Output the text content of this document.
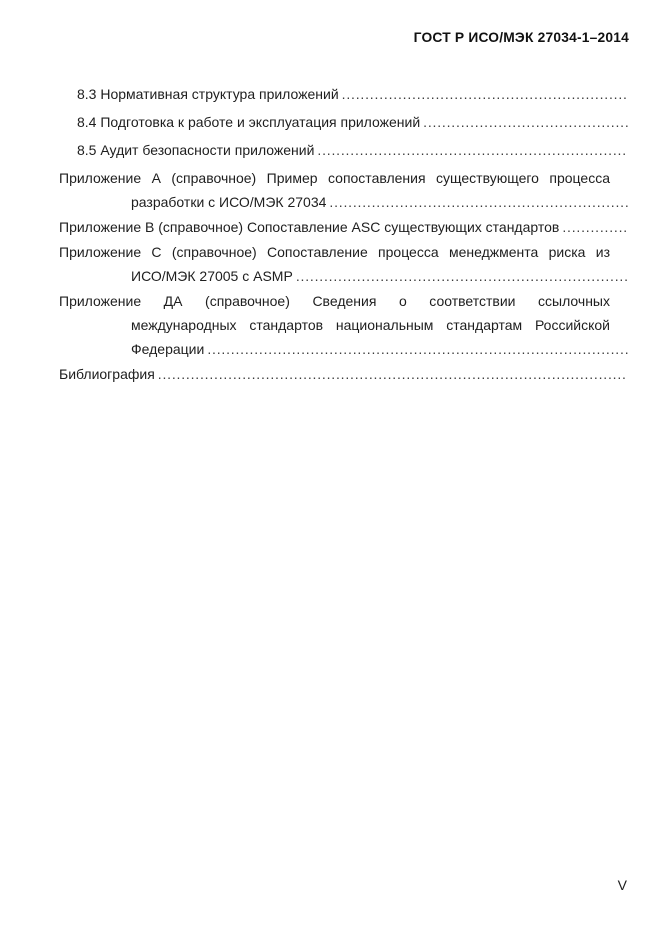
ГОСТ Р ИСО/МЭК 27034-1–2014
8.3 Нормативная структура приложений
.....
8.4 Подготовка к работе и эксплуатация приложений
.....
8.5 Аудит безопасности приложений
.....
Приложение А (справочное) Пример сопоставления существующего процесса
разработки с ИСО/МЭК 27034
.....
Приложение В (справочное) Сопоставление ASC существующих стандартов
.....
Приложение С (справочное) Сопоставление процесса менеджмента риска из
ИСО/МЭК 27005 с ASMP
.....
Приложение ДА (справочное) Сведения о соответствии ссылочных
международных стандартов национальным стандартам Российской
Федерации
.....
Библиография
.....
V
